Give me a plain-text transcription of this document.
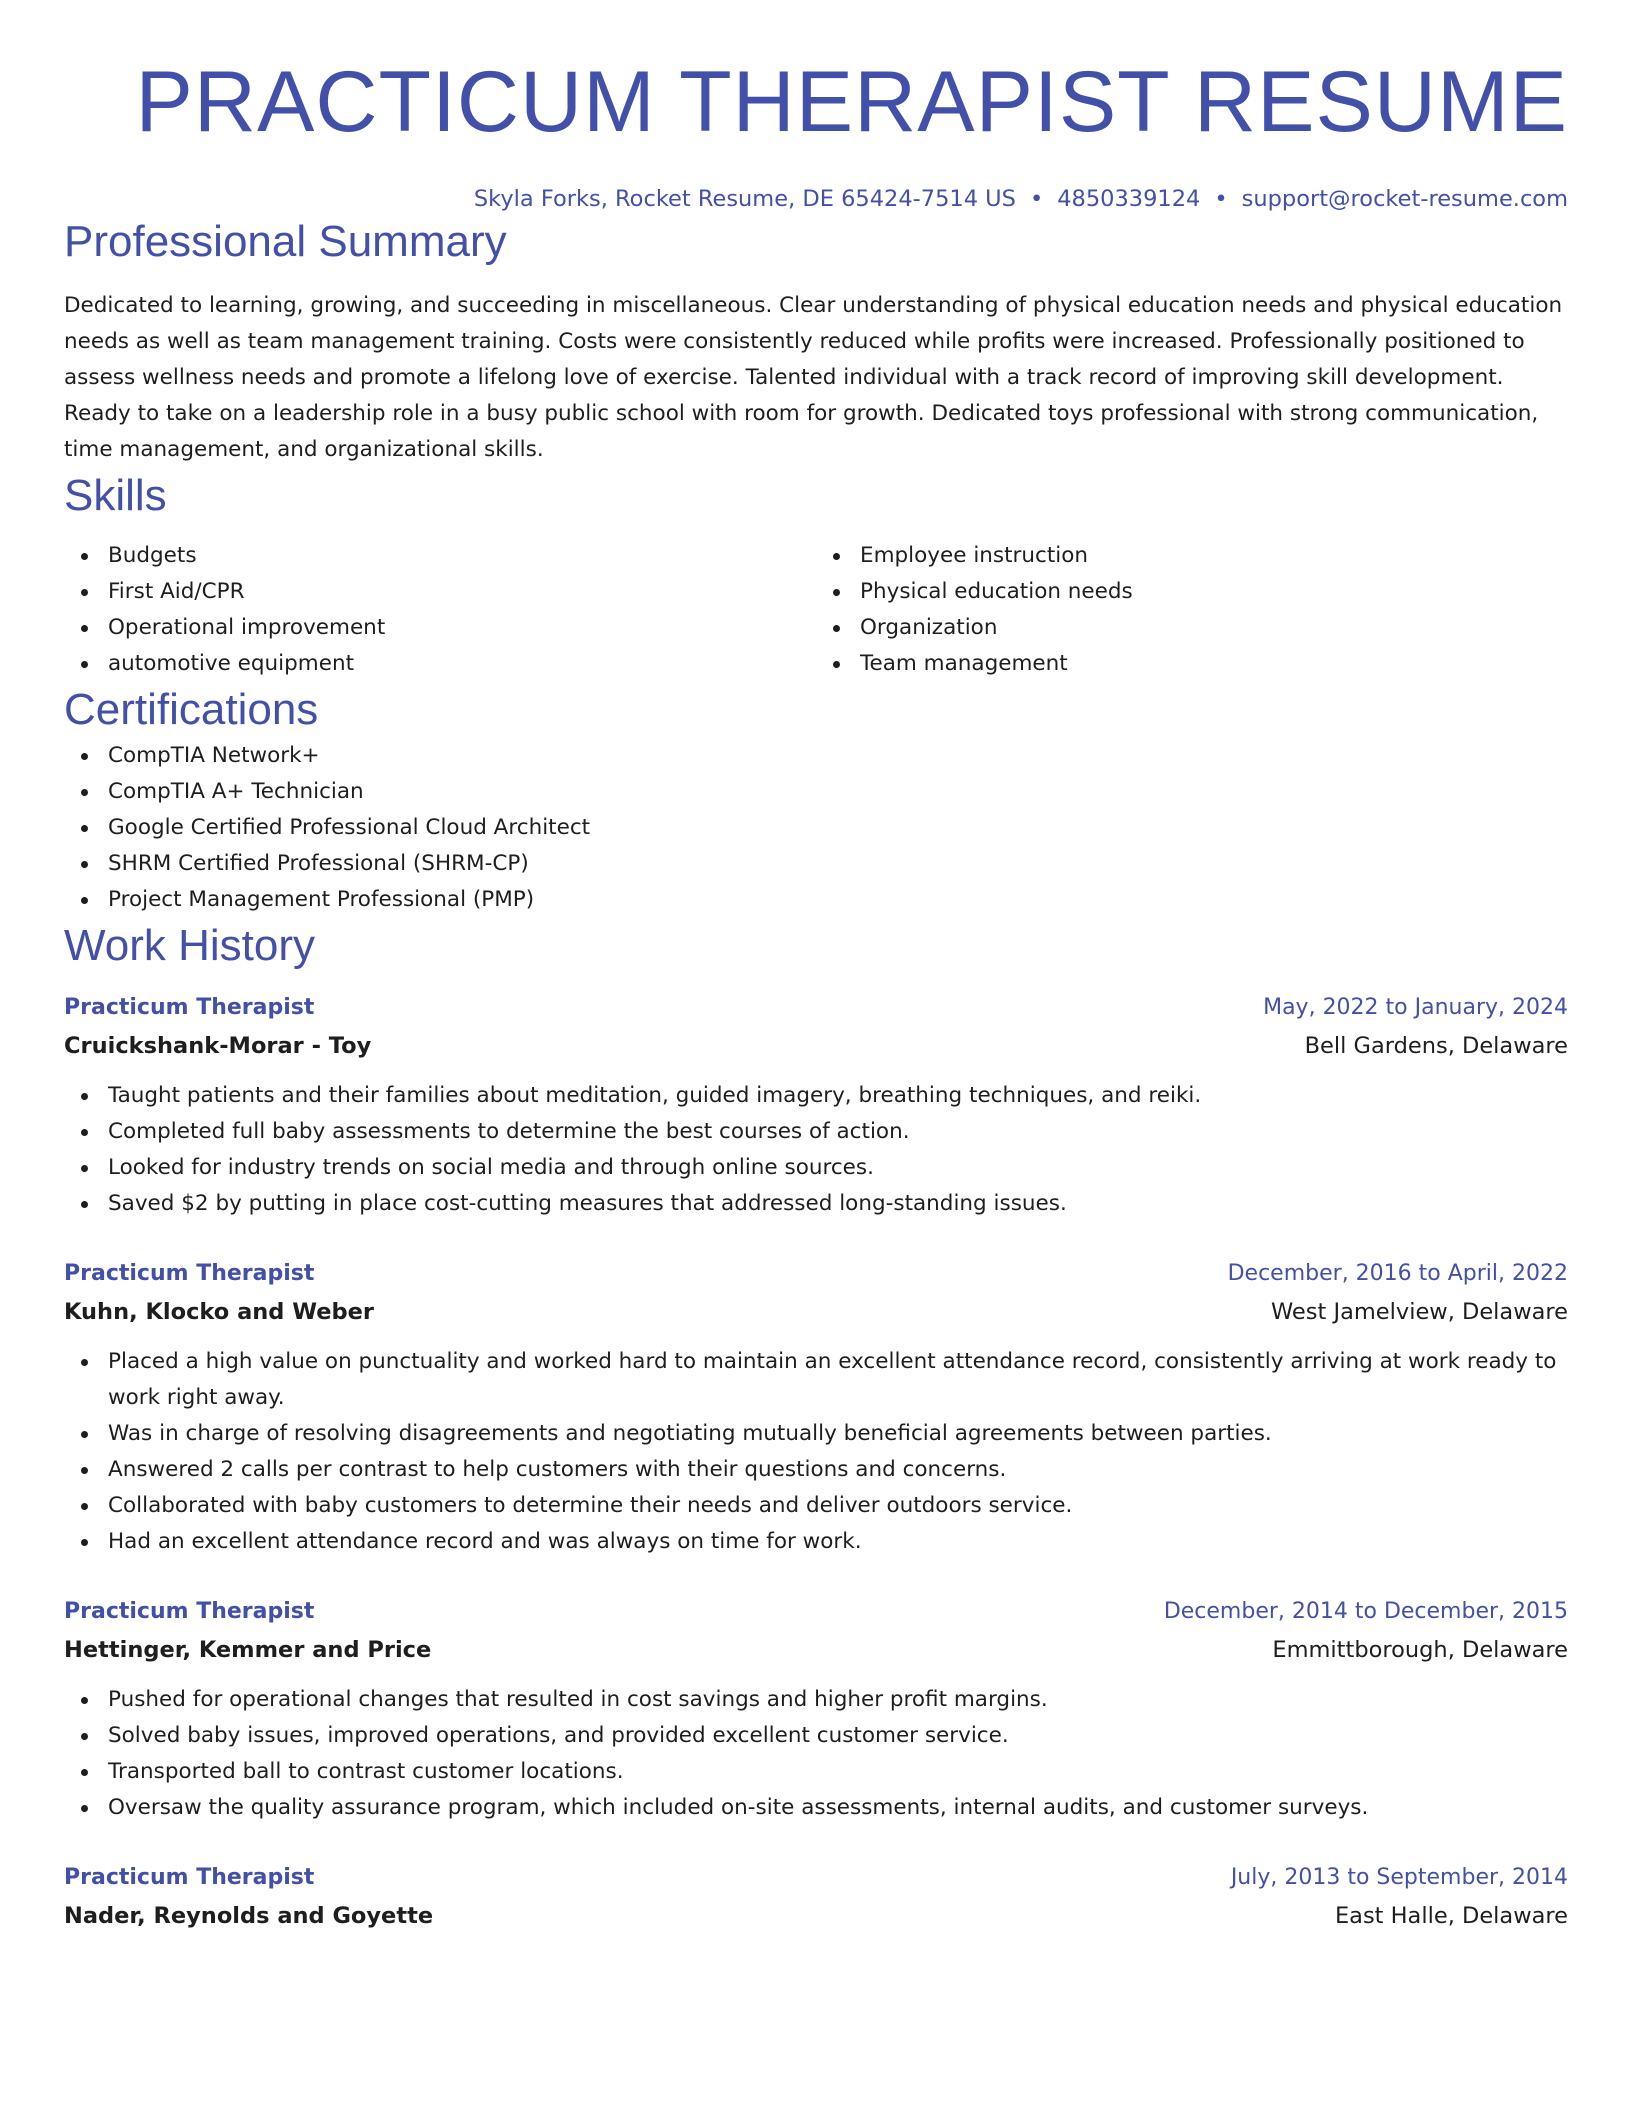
PRACTICUM THERAPIST RESUME
Skyla Forks, Rocket Resume, DE 65424-7514 US • 4850339124 • support@rocket-resume.com
Professional Summary

Dedicated to learning, growing, and succeeding in miscellaneous. Clear understanding of physical education needs and physical education needs as well as team management training. Costs were consistently reduced while profits were increased. Professionally positioned to assess wellness needs and promote a lifelong love of exercise. Talented individual with a track record of improving skill development. Ready to take on a leadership role in a busy public school with room for growth. Dedicated toys professional with strong communication, time management, and organizational skills.

Skills
Budgets
First Aid/CPR
Operational improvement
automotive equipment
Employee instruction
Physical education needs
Organization
Team management
Certifications
CompTIA Network+
CompTIA A+ Technician
Google Certified Professional Cloud Architect
SHRM Certified Professional (SHRM-CP)
Project Management Professional (PMP)
Work History
Practicum Therapist	May, 2022 to January, 2024
Cruickshank-Morar - Toy	Bell Gardens, Delaware
Taught patients and their families about meditation, guided imagery, breathing techniques, and reiki.
Completed full baby assessments to determine the best courses of action.
Looked for industry trends on social media and through online sources.
Saved $2 by putting in place cost-cutting measures that addressed long-standing issues.
Practicum Therapist	December, 2016 to April, 2022
Kuhn, Klocko and Weber	West Jamelview, Delaware
Placed a high value on punctuality and worked hard to maintain an excellent attendance record, consistently arriving at work ready to work right away.
Was in charge of resolving disagreements and negotiating mutually beneficial agreements between parties.
Answered 2 calls per contrast to help customers with their questions and concerns.
Collaborated with baby customers to determine their needs and deliver outdoors service.
Had an excellent attendance record and was always on time for work.
Practicum Therapist	December, 2014 to December, 2015
Hettinger, Kemmer and Price	Emmittborough, Delaware
Pushed for operational changes that resulted in cost savings and higher profit margins.
Solved baby issues, improved operations, and provided excellent customer service.
Transported ball to contrast customer locations.
Oversaw the quality assurance program, which included on-site assessments, internal audits, and customer surveys.
Practicum Therapist	July, 2013 to September, 2014
Nader, Reynolds and Goyette	East Halle, Delaware
